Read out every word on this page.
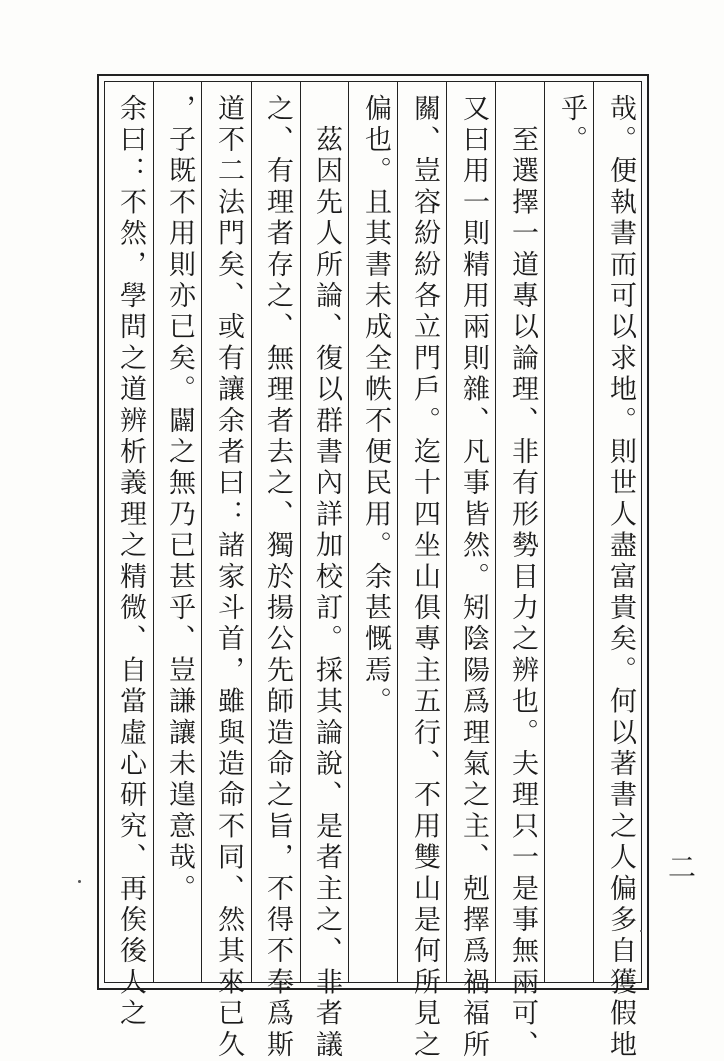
哉。便執書而可以求地。則世人盡富貴矣。何以著書之人偏多自獲假地
乎。
　至選擇一道專以論理、非有形勢目力之辨也。夫理只一是事無兩可、
又曰用一則精用兩則雜、凡事皆然。矧陰陽爲理氣之主、剋擇爲禍福所
關、豈容紛紛各立門戶。迄十四坐山俱專主五行、不用雙山是何所見之
偏也。且其書未成全帙不便民用。余甚慨焉。
　茲因先人所論、復以群書內詳加校訂。採其論說、是者主之、非者議
之、有理者存之、無理者去之、獨於揚公先師造命之旨，不得不奉爲斯
道不二法門矣、或有讓余者曰：諸家斗首，雖與造命不同、然其來已久
，子既不用則亦已矣。闢之無乃已甚乎、豈謙讓未遑意哉。
余曰：不然，學問之道辨析義理之精微、自當虛心研究、再俟後人之	二
